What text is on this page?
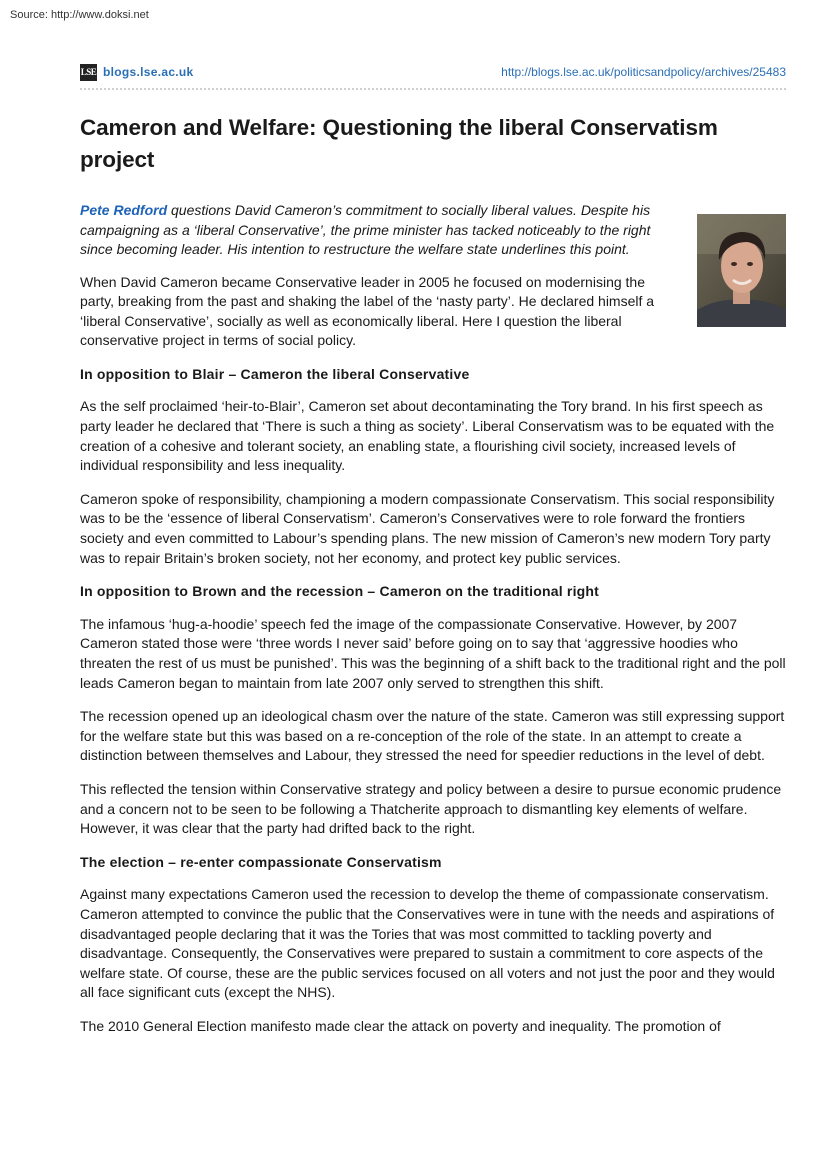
Source: http://www.doksi.net
LSE blogs.lse.ac.uk	http://blogs.lse.ac.uk/politicsandpolicy/archives/25483
Cameron and Welfare: Questioning the liberal Conservatism project

Pete Redford questions David Cameron’s commitment to socially liberal values. Despite his campaigning as a ‘liberal Conservative’, the prime minister has tacked noticeably to the right since becoming leader. His intention to restructure the welfare state underlines this point.

When David Cameron became Conservative leader in 2005 he focused on modernising the party, breaking from the past and shaking the label of the ‘nasty party’. He declared himself a ‘liberal Conservative’, socially as well as economically liberal. Here I question the liberal conservative project in terms of social policy.

In opposition to Blair – Cameron the liberal Conservative

As the self proclaimed ‘heir-to-Blair’, Cameron set about decontaminating the Tory brand. In his first speech as party leader he declared that ‘There is such a thing as society’. Liberal Conservatism was to be equated with the creation of a cohesive and tolerant society, an enabling state, a flourishing civil society, increased levels of individual responsibility and less inequality.

Cameron spoke of responsibility, championing a modern compassionate Conservatism. This social responsibility was to be the ‘essence of liberal Conservatism’. Cameron’s Conservatives were to role forward the frontiers society and even committed to Labour’s spending plans. The new mission of Cameron’s new modern Tory party was to repair Britain’s broken society, not her economy, and protect key public services.

In opposition to Brown and the recession – Cameron on the traditional right

The infamous ‘hug-a-hoodie’ speech fed the image of the compassionate Conservative. However, by 2007 Cameron stated those were ‘three words I never said’ before going on to say that ‘aggressive hoodies who threaten the rest of us must be punished’. This was the beginning of a shift back to the traditional right and the poll leads Cameron began to maintain from late 2007 only served to strengthen this shift.

The recession opened up an ideological chasm over the nature of the state. Cameron was still expressing support for the welfare state but this was based on a re-conception of the role of the state. In an attempt to create a distinction between themselves and Labour, they stressed the need for speedier reductions in the level of debt.

This reflected the tension within Conservative strategy and policy between a desire to pursue economic prudence and a concern not to be seen to be following a Thatcherite approach to dismantling key elements of welfare. However, it was clear that the party had drifted back to the right.

The election – re-enter compassionate Conservatism

Against many expectations Cameron used the recession to develop the theme of compassionate conservatism. Cameron attempted to convince the public that the Conservatives were in tune with the needs and aspirations of disadvantaged people declaring that it was the Tories that was most committed to tackling poverty and disadvantage. Consequently, the Conservatives were prepared to sustain a commitment to core aspects of the welfare state. Of course, these are the public services focused on all voters and not just the poor and they would all face significant cuts (except the NHS).

The 2010 General Election manifesto made clear the attack on poverty and inequality. The promotion of
